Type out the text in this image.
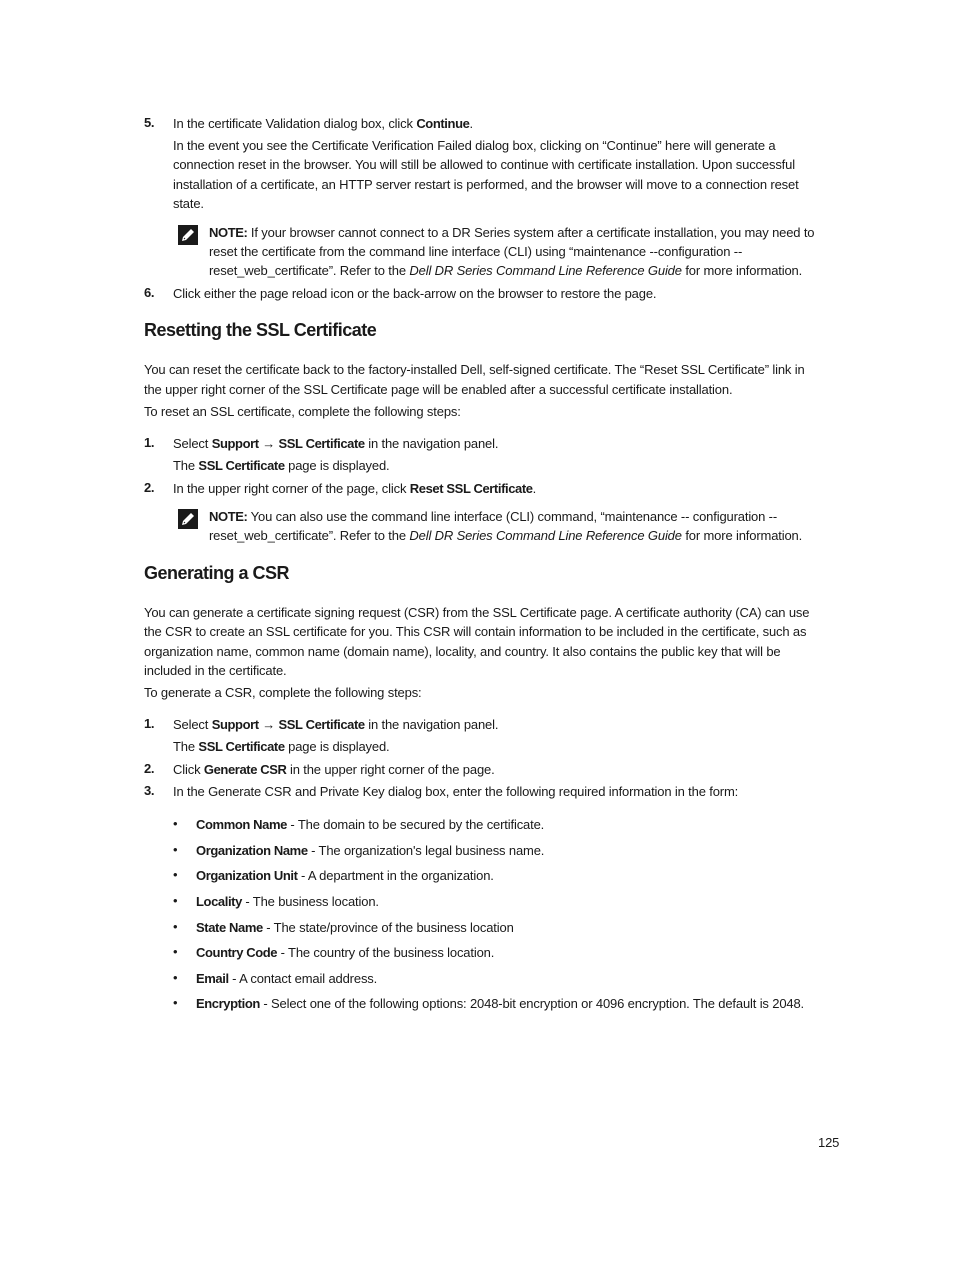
5. In the certificate Validation dialog box, click Continue.
In the event you see the Certificate Verification Failed dialog box, clicking on “Continue” here will generate a
connection reset in the browser. You will still be allowed to continue with certificate installation. Upon successful
installation of a certificate, an HTTP server restart is performed, and the browser will move to a connection reset
state.
NOTE: If your browser cannot connect to a DR Series system after a certificate installation, you may need to
reset the certificate from the command line interface (CLI) using “maintenance --configuration --
reset_web_certificate”. Refer to the Dell DR Series Command Line Reference Guide for more information.
6. Click either the page reload icon or the back-arrow on the browser to restore the page.
Resetting the SSL Certificate
You can reset the certificate back to the factory-installed Dell, self-signed certificate. The “Reset SSL Certificate” link in
the upper right corner of the SSL Certificate page will be enabled after a successful certificate installation.
To reset an SSL certificate, complete the following steps:
1. Select Support → SSL Certificate in the navigation panel.
The SSL Certificate page is displayed.
2. In the upper right corner of the page, click Reset SSL Certificate.
NOTE: You can also use the command line interface (CLI) command, “maintenance -- configuration --
reset_web_certificate”. Refer to the Dell DR Series Command Line Reference Guide for more information.
Generating a CSR
You can generate a certificate signing request (CSR) from the SSL Certificate page. A certificate authority (CA) can use
the CSR to create an SSL certificate for you. This CSR will contain information to be included in the certificate, such as
organization name, common name (domain name), locality, and country. It also contains the public key that will be
included in the certificate.
To generate a CSR, complete the following steps:
1. Select Support → SSL Certificate in the navigation panel.
The SSL Certificate page is displayed.
2. Click Generate CSR in the upper right corner of the page.
3. In the Generate CSR and Private Key dialog box, enter the following required information in the form:
• Common Name - The domain to be secured by the certificate.
• Organization Name - The organization's legal business name.
• Organization Unit - A department in the organization.
• Locality - The business location.
• State Name - The state/province of the business location
• Country Code - The country of the business location.
• Email - A contact email address.
• Encryption - Select one of the following options: 2048-bit encryption or 4096 encryption. The default is 2048.
125
